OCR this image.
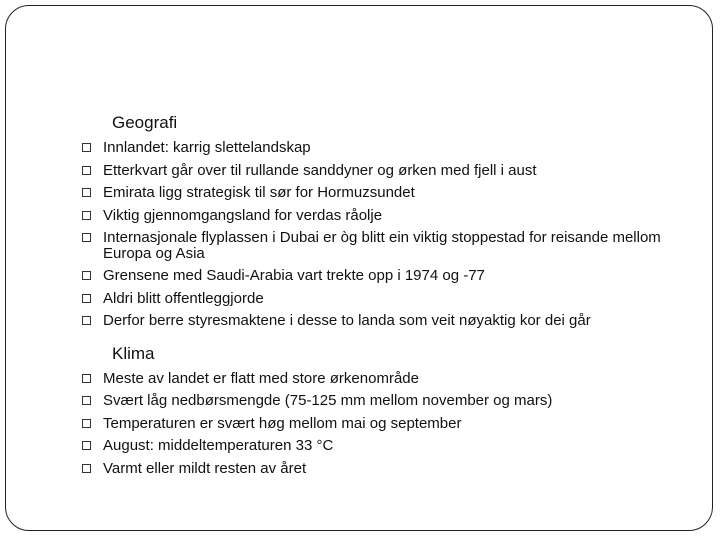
Geografi
Innlandet: karrig slettelandskap
Etterkvart går over til rullande sanddyner og ørken med fjell i aust
Emirata ligg strategisk til sør for Hormuzsundet
Viktig gjennomgangsland for verdas råolje
Internasjonale flyplassen i Dubai er òg blitt ein viktig stoppestad for reisande mellom Europa og Asia
Grensene med Saudi-Arabia vart trekte opp i 1974 og -77
Aldri blitt offentleggjorde
Derfor berre styresmaktene i desse to landa som veit nøyaktig kor dei går
Klima
Meste av landet er flatt med store ørkenområde
Svært låg nedbørsmengde (75-125 mm mellom november og mars)
Temperaturen er svært høg mellom mai og september
August: middeltemperaturen 33 °C
Varmt eller mildt resten av året
